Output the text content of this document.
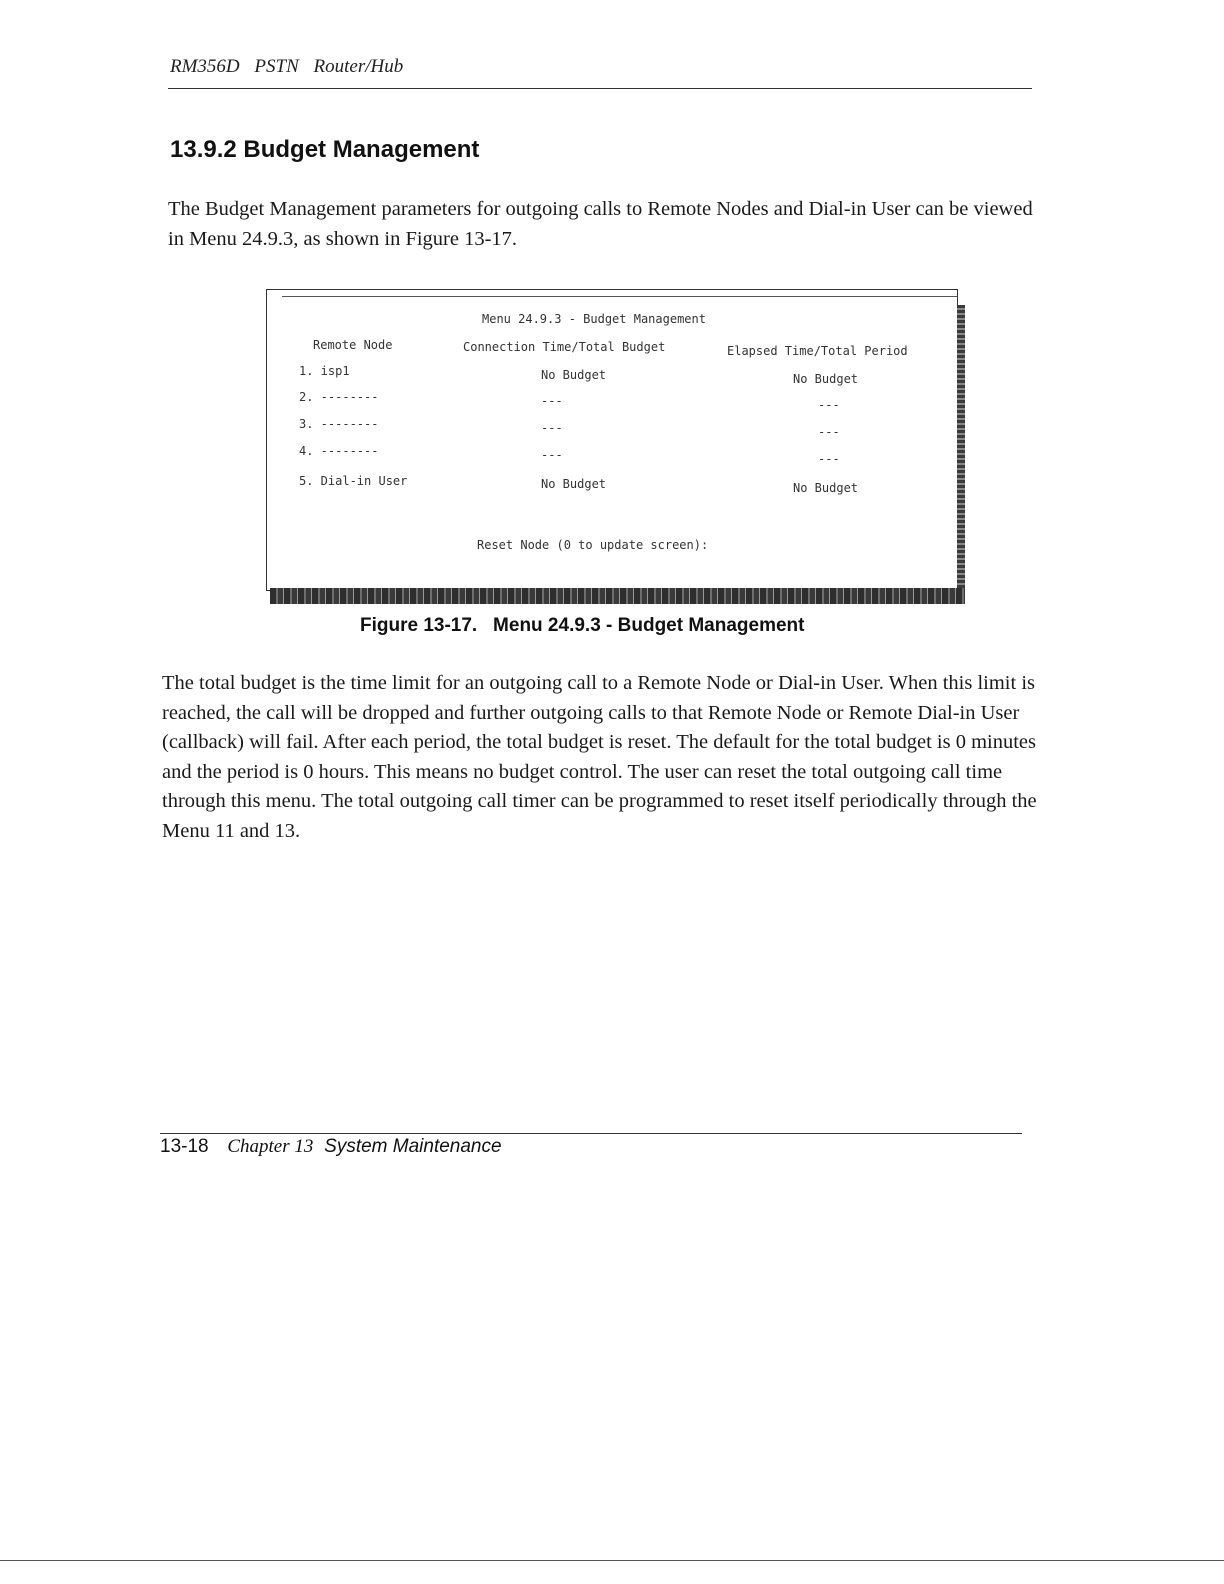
RM356D PSTN Router/Hub
13.9.2 Budget Management

The Budget Management parameters for outgoing calls to Remote Nodes and Dial-in User can be viewed in Menu 24.9.3, as shown in Figure 13-17.

Menu 24.9.3 - Budget Management
Remote Node	Connection Time/Total Budget	Elapsed Time/Total Period
1. isp1	No Budget	No Budget
2. --------	---	---
3. --------	---	---
4. --------	---	---
5. Dial-in User	No Budget	No Budget
Reset Node (0 to update screen):

Figure 13-17.   Menu 24.9.3 - Budget Management

The total budget is the time limit for an outgoing call to a Remote Node or Dial-in User. When this limit is reached, the call will be dropped and further outgoing calls to that Remote Node or Remote Dial-in User (callback) will fail. After each period, the total budget is reset. The default for the total budget is 0 minutes and the period is 0 hours. This means no budget control. The user can reset the total outgoing call time through this menu. The total outgoing call timer can be programmed to reset itself periodically through the Menu 11 and 13.

13-18 Chapter 13 System Maintenance
